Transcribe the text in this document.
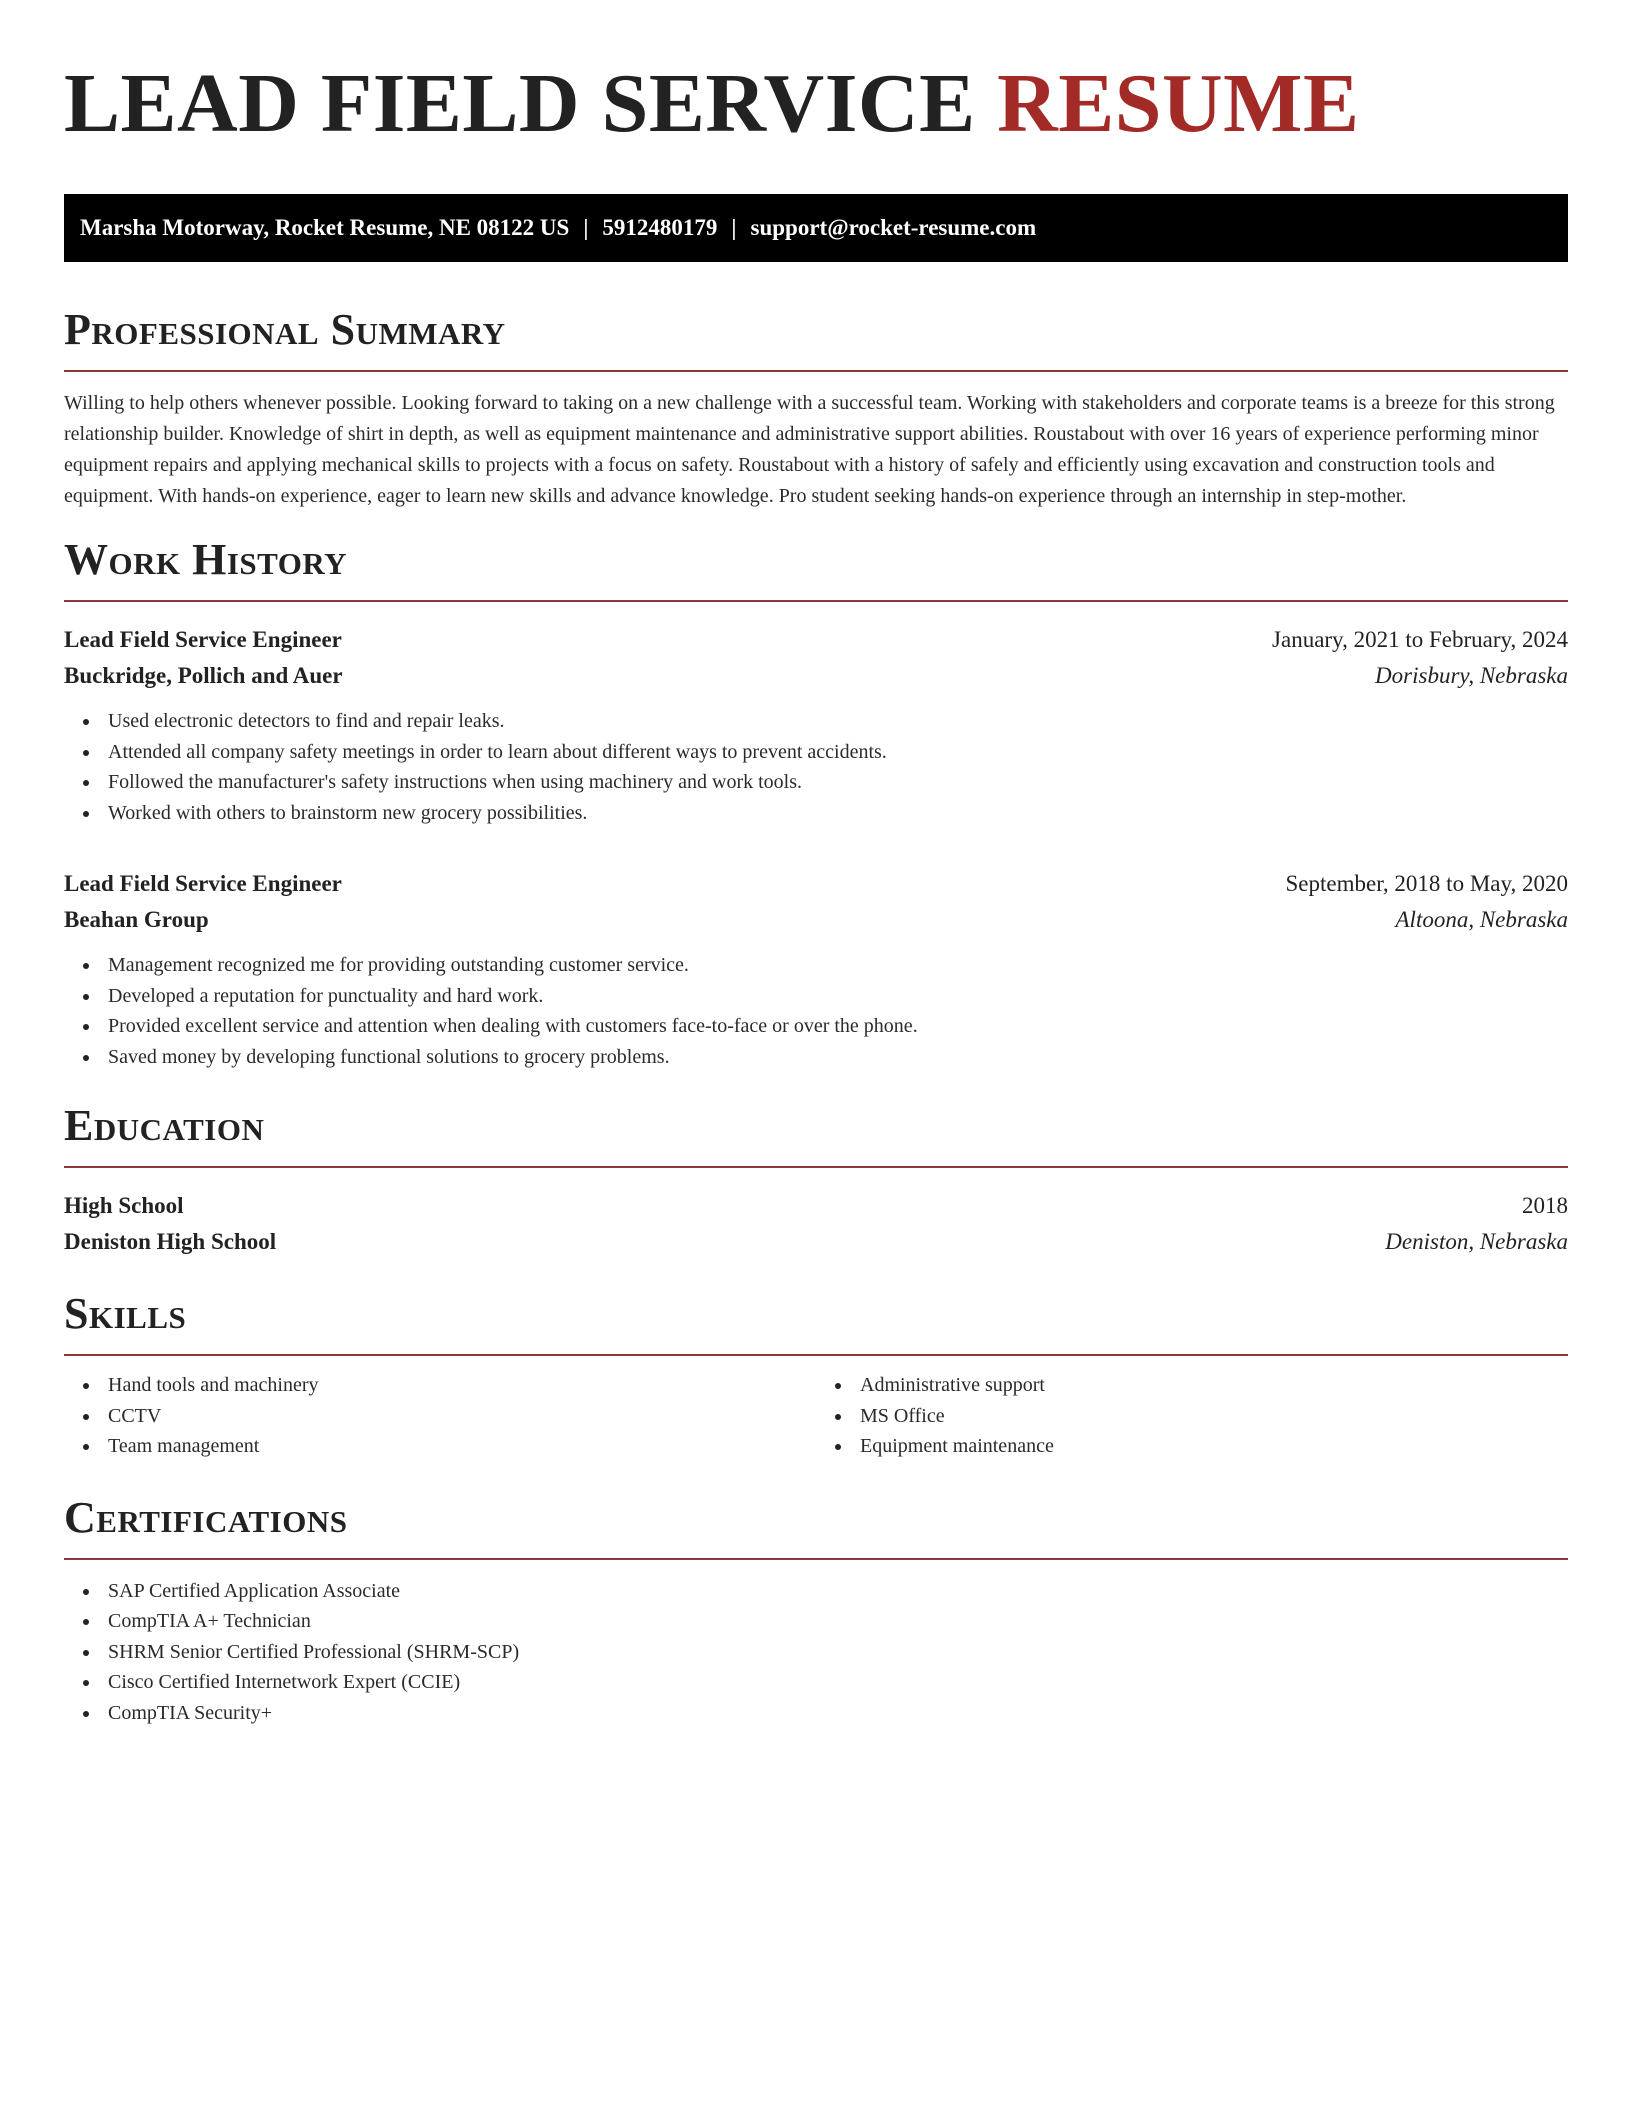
LEAD FIELD SERVICE RESUME
Marsha Motorway, Rocket Resume, NE 08122 US | 5912480179 | support@rocket-resume.com
Professional Summary

Willing to help others whenever possible. Looking forward to taking on a new challenge with a successful team. Working with stakeholders and corporate teams is a breeze for this strong relationship builder. Knowledge of shirt in depth, as well as equipment maintenance and administrative support abilities. Roustabout with over 16 years of experience performing minor equipment repairs and applying mechanical skills to projects with a focus on safety. Roustabout with a history of safely and efficiently using excavation and construction tools and equipment. With hands-on experience, eager to learn new skills and advance knowledge. Pro student seeking hands-on experience through an internship in step-mother.

Work History
Lead Field Service Engineer	January, 2021 to February, 2024
Buckridge, Pollich and Auer	Dorisbury, Nebraska
Used electronic detectors to find and repair leaks.
Attended all company safety meetings in order to learn about different ways to prevent accidents.
Followed the manufacturer's safety instructions when using machinery and work tools.
Worked with others to brainstorm new grocery possibilities.
Lead Field Service Engineer	September, 2018 to May, 2020
Beahan Group	Altoona, Nebraska
Management recognized me for providing outstanding customer service.
Developed a reputation for punctuality and hard work.
Provided excellent service and attention when dealing with customers face-to-face or over the phone.
Saved money by developing functional solutions to grocery problems.
Education
High School	2018
Deniston High School	Deniston, Nebraska
Skills
Hand tools and machinery
CCTV
Team management
Administrative support
MS Office
Equipment maintenance
Certifications
SAP Certified Application Associate
CompTIA A+ Technician
SHRM Senior Certified Professional (SHRM-SCP)
Cisco Certified Internetwork Expert (CCIE)
CompTIA Security+
